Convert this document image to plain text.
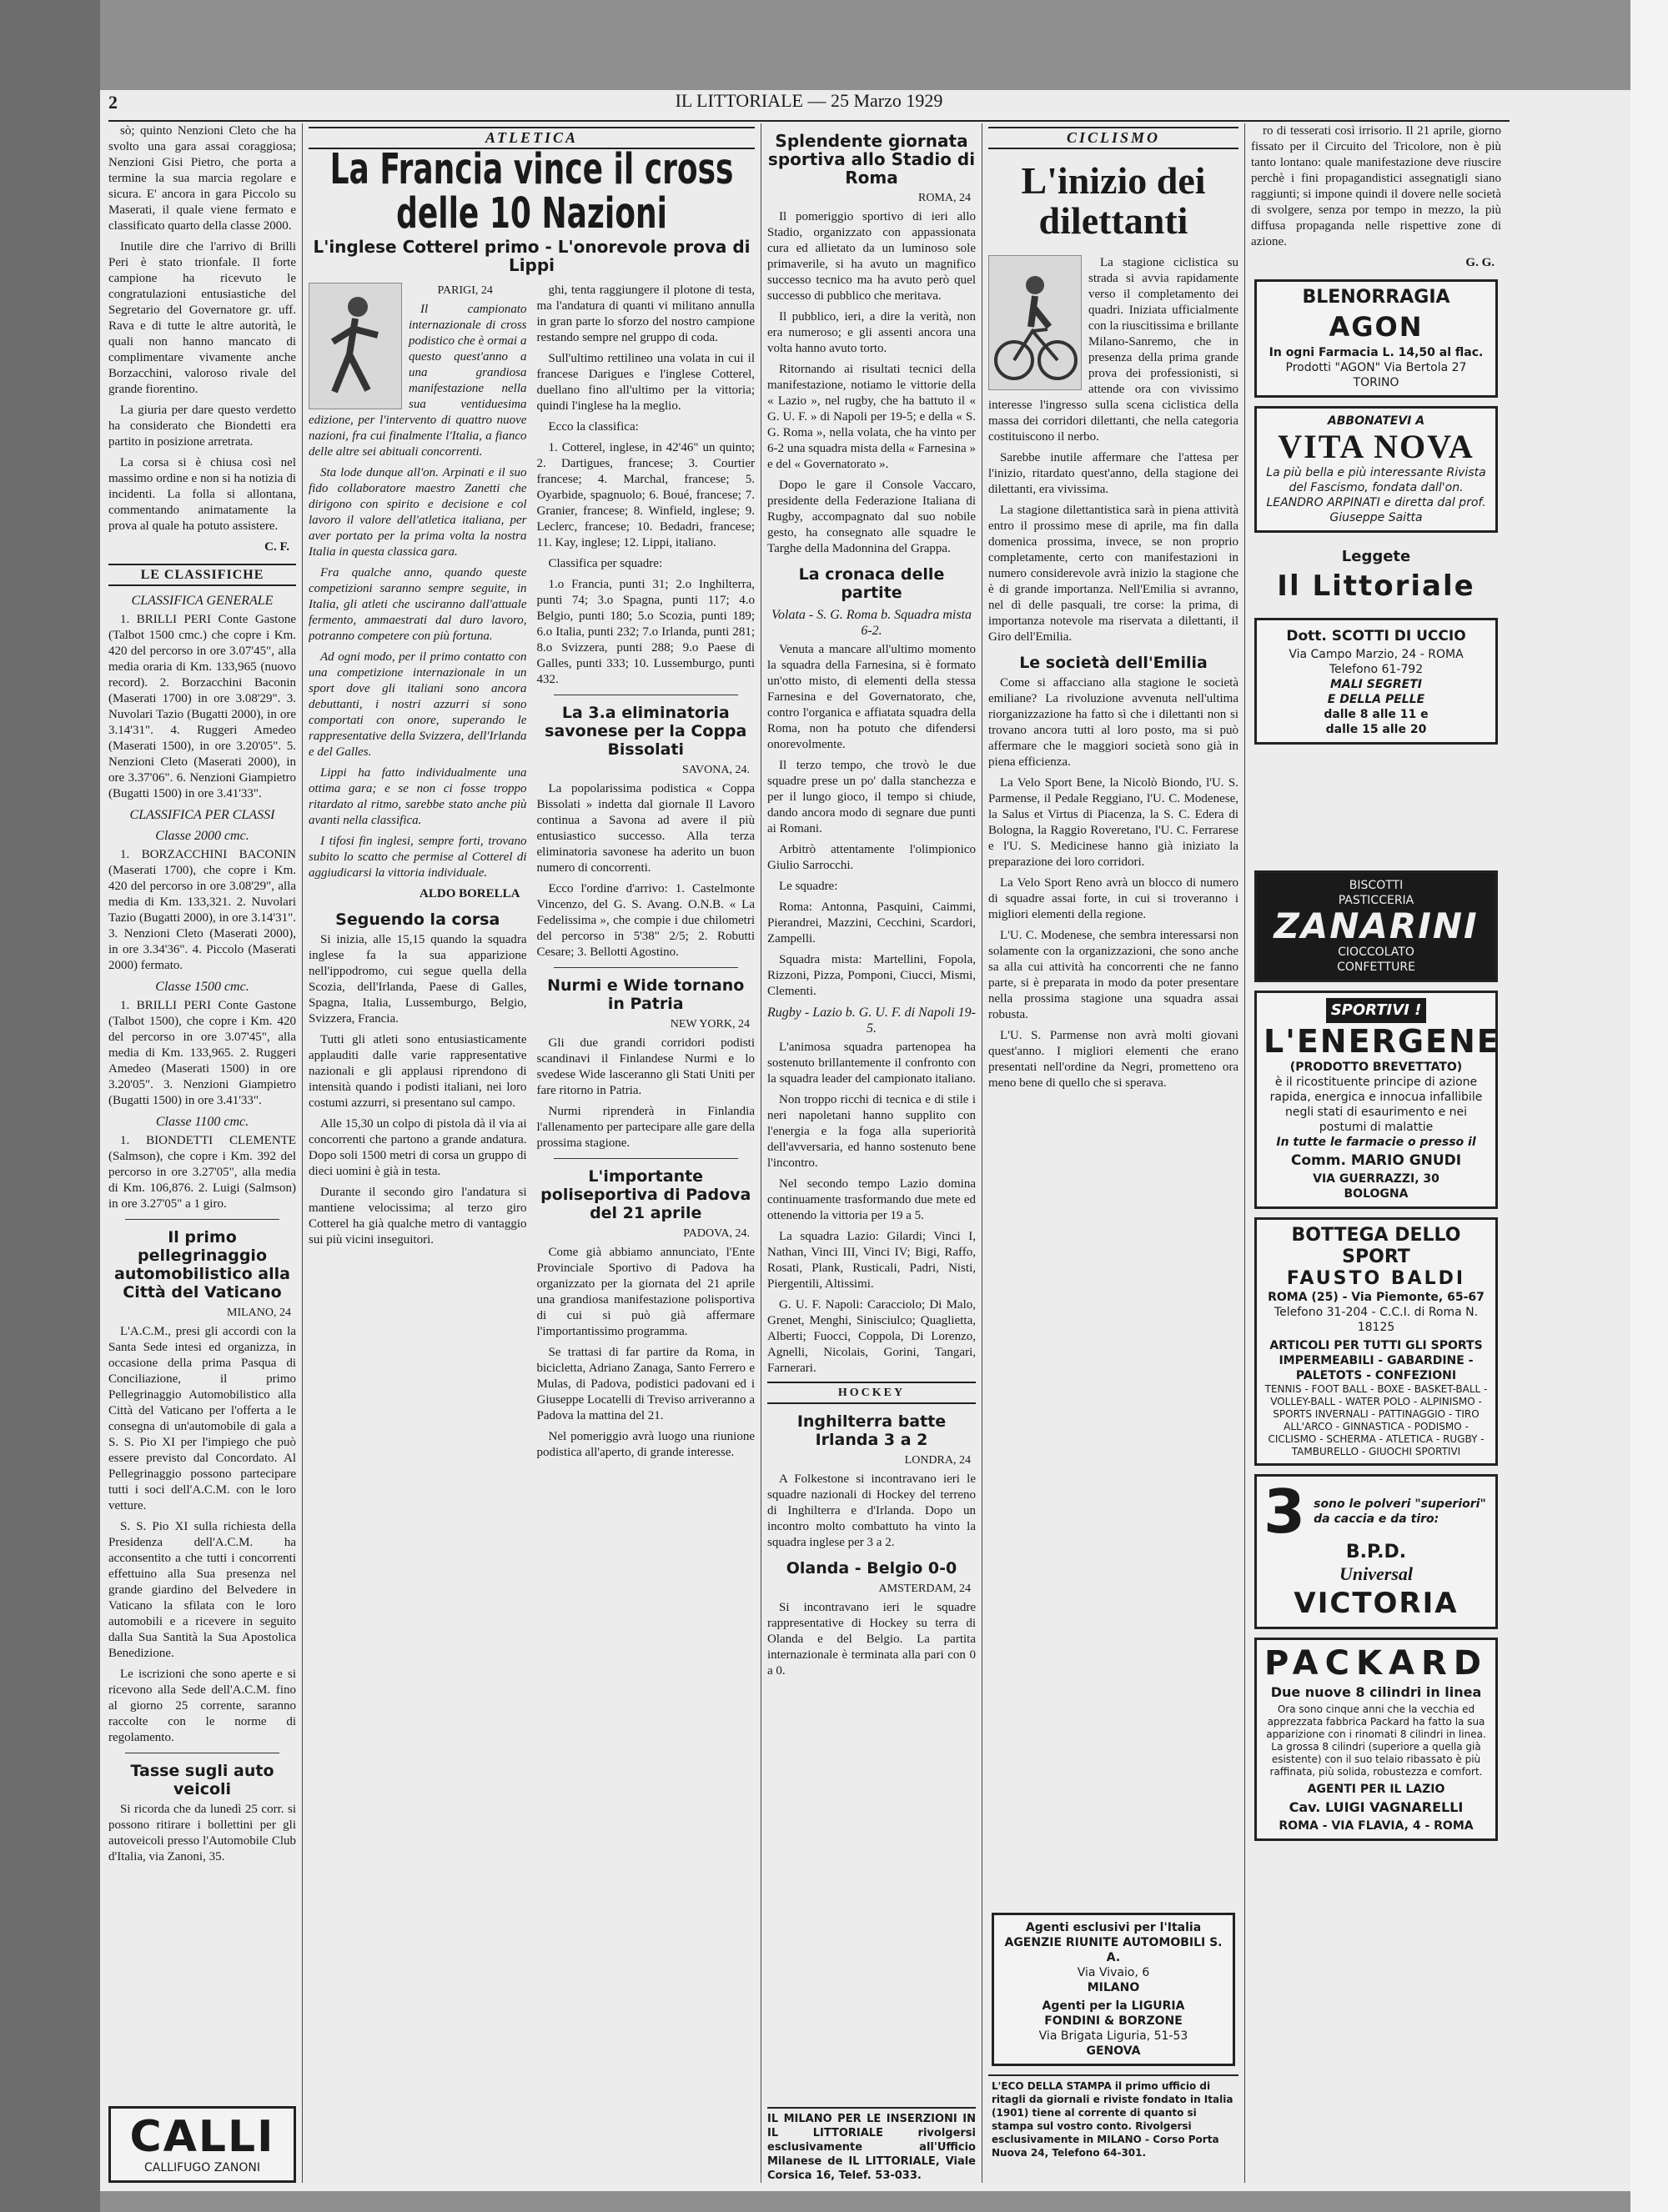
2	IL LITTORIALE — 25 Marzo 1929

sò; quinto Nenzioni Cleto che ha svolto una gara assai coraggiosa; Nenzioni Gisi Pietro, che porta a termine la sua marcia regolare e sicura. E' ancora in gara Piccolo su Maserati, il quale viene fermato e classificato quarto della classe 2000.

Inutile dire che l'arrivo di Brilli Peri è stato trionfale. Il forte campione ha ricevuto le congratulazioni entusiastiche del Segretario del Governatore gr. uff. Rava e di tutte le altre autorità, le quali non hanno mancato di complimentare vivamente anche Borzacchini, valoroso rivale del grande fiorentino.

La giuria per dare questo verdetto ha considerato che Biondetti era partito in posizione arretrata.

La corsa si è chiusa così nel massimo ordine e non si ha notizia di incidenti. La folla si allontana, commentando animatamente la prova al quale ha potuto assistere.

C. F.
LE CLASSIFICHE
CLASSIFICA GENERALE

1. BRILLI PERI Conte Gastone (Talbot 1500 cmc.) che copre i Km. 420 del percorso in ore 3.07'45", alla media oraria di Km. 133,965 (nuovo record). 2. Borzacchini Baconin (Maserati 1700) in ore 3.08'29". 3. Nuvolari Tazio (Bugatti 2000), in ore 3.14'31". 4. Ruggeri Amedeo (Maserati 1500), in ore 3.20'05". 5. Nenzioni Cleto (Maserati 2000), in ore 3.37'06". 6. Nenzioni Giampietro (Bugatti 1500) in ore 3.41'33".

CLASSIFICA PER CLASSI
Classe 2000 cmc.

1. BORZACCHINI BACONIN (Maserati 1700), che copre i Km. 420 del percorso in ore 3.08'29", alla media di Km. 133,321. 2. Nuvolari Tazio (Bugatti 2000), in ore 3.14'31". 3. Nenzioni Cleto (Maserati 2000), in ore 3.34'36". 4. Piccolo (Maserati 2000) fermato.

Classe 1500 cmc.

1. BRILLI PERI Conte Gastone (Talbot 1500), che copre i Km. 420 del percorso in ore 3.07'45", alla media di Km. 133,965. 2. Ruggeri Amedeo (Maserati 1500) in ore 3.20'05". 3. Nenzioni Giampietro (Bugatti 1500) in ore 3.41'33".

Classe 1100 cmc.

1. BIONDETTI CLEMENTE (Salmson), che copre i Km. 392 del percorso in ore 3.27'05", alla media di Km. 106,876. 2. Luigi (Salmson) in ore 3.27'05" a 1 giro.

Il primo pellegrinaggio automobilistico alla Città del Vaticano
MILANO, 24

L'A.C.M., presi gli accordi con la Santa Sede intesi ed organizza, in occasione della prima Pasqua di Conciliazione, il primo Pellegrinaggio Automobilistico alla Città del Vaticano per l'offerta a le consegna di un'automobile di gala a S. S. Pio XI per l'impiego che può essere previsto dal Concordato. Al Pellegrinaggio possono partecipare tutti i soci dell'A.C.M. con le loro vetture.

S. S. Pio XI sulla richiesta della Presidenza dell'A.C.M. ha acconsentito a che tutti i concorrenti effettuino alla Sua presenza nel grande giardino del Belvedere in Vaticano la sfilata con le loro automobili e a ricevere in seguito dalla Sua Santità la Sua Apostolica Benedizione.

Le iscrizioni che sono aperte e si ricevono alla Sede dell'A.C.M. fino al giorno 25 corrente, saranno raccolte con le norme di regolamento.

Tasse sugli auto veicoli

Si ricorda che da lunedì 25 corr. si possono ritirare i bollettini per gli autoveicoli presso l'Automobile Club d'Italia, via Zanoni, 35.

CALLI
CALLIFUGO ZANONI
ATLETICA
La Francia vince il cross delle 10 Nazioni
L'inglese Cotterel primo - L'onorevole prova di Lippi
PARIGI, 24

Il campionato internazionale di cross podistico che è ormai a questo quest'anno a una grandiosa manifestazione nella sua ventiduesima edizione, per l'intervento di quattro nuove nazioni, fra cui finalmente l'Italia, a fianco delle altre sei abituali concorrenti.

Sta lode dunque all'on. Arpinati e il suo fido collaboratore maestro Zanetti che dirigono con spirito e decisione e col lavoro il valore dell'atletica italiana, per aver portato per la prima volta la nostra Italia in questa classica gara.

Fra qualche anno, quando queste competizioni saranno sempre seguite, in Italia, gli atleti che usciranno dall'attuale fermento, ammaestrati dal duro lavoro, potranno competere con più fortuna.

Ad ogni modo, per il primo contatto con una competizione internazionale in un sport dove gli italiani sono ancora debuttanti, i nostri azzurri si sono comportati con onore, superando le rappresentative della Svizzera, dell'Irlanda e del Galles.

Lippi ha fatto individualmente una ottima gara; e se non ci fosse troppo ritardato al ritmo, sarebbe stato anche più avanti nella classifica.

I tifosi fin inglesi, sempre forti, trovano subito lo scatto che permise al Cotterel di aggiudicarsi la vittoria individuale.

ALDO BORELLA
Seguendo la corsa

Si inizia, alle 15,15 quando la squadra inglese fa la sua apparizione nell'ippodromo, cui segue quella della Scozia, dell'Irlanda, Paese di Galles, Spagna, Italia, Lussemburgo, Belgio, Svizzera, Francia.

Tutti gli atleti sono entusiasticamente applauditi dalle varie rappresentative nazionali e gli applausi riprendono di intensità quando i podisti italiani, nei loro costumi azzurri, si presentano sul campo.

Alle 15,30 un colpo di pistola dà il via ai concorrenti che partono a grande andatura. Dopo soli 1500 metri di corsa un gruppo di dieci uomini è già in testa.

Durante il secondo giro l'andatura si mantiene velocissima; al terzo giro Cotterel ha già qualche metro di vantaggio sui più vicini inseguitori.

ghi, tenta raggiungere il plotone di testa, ma l'andatura di quanti vi militano annulla in gran parte lo sforzo del nostro campione restando sempre nel gruppo di coda.

Sull'ultimo rettilineo una volata in cui il francese Darigues e l'inglese Cotterel, duellano fino all'ultimo per la vittoria; quindi l'inglese ha la meglio.

Ecco la classifica:

1. Cotterel, inglese, in 42'46" un quinto; 2. Dartigues, francese; 3. Courtier francese; 4. Marchal, francese; 5. Oyarbide, spagnuolo; 6. Boué, francese; 7. Granier, francese; 8. Winfield, inglese; 9. Leclerc, francese; 10. Bedadri, francese; 11. Kay, inglese; 12. Lippi, italiano.

Classifica per squadre:

1.o Francia, punti 31; 2.o Inghilterra, punti 74; 3.o Spagna, punti 117; 4.o Belgio, punti 180; 5.o Scozia, punti 189; 6.o Italia, punti 232; 7.o Irlanda, punti 281; 8.o Svizzera, punti 288; 9.o Paese di Galles, punti 333; 10. Lussemburgo, punti 432.

La 3.a eliminatoria savonese per la Coppa Bissolati
SAVONA, 24.

La popolarissima podistica « Coppa Bissolati » indetta dal giornale Il Lavoro continua a Savona ad avere il più entusiastico successo. Alla terza eliminatoria savonese ha aderito un buon numero di concorrenti.

Ecco l'ordine d'arrivo: 1. Castelmonte Vincenzo, del G. S. Avang. O.N.B. « La Fedelissima », che compie i due chilometri del percorso in 5'38" 2/5; 2. Robutti Cesare; 3. Bellotti Agostino.

Nurmi e Wide tornano in Patria
NEW YORK, 24

Gli due grandi corridori podisti scandinavi il Finlandese Nurmi e lo svedese Wide lasceranno gli Stati Uniti per fare ritorno in Patria.

Nurmi riprenderà in Finlandia l'allenamento per partecipare alle gare della prossima stagione.

L'importante poliseportiva di Padova del 21 aprile
PADOVA, 24.

Come già abbiamo annunciato, l'Ente Provinciale Sportivo di Padova ha organizzato per la giornata del 21 aprile una grandiosa manifestazione polisportiva di cui si può già affermare l'importantissimo programma.

Se trattasi di far partire da Roma, in bicicletta, Adriano Zanaga, Santo Ferrero e Mulas, di Padova, podistici padovani ed i Giuseppe Locatelli di Treviso arriveranno a Padova la mattina del 21.

Nel pomeriggio avrà luogo una riunione podistica all'aperto, di grande interesse.

Splendente giornata sportiva allo Stadio di Roma
ROMA, 24

Il pomeriggio sportivo di ieri allo Stadio, organizzato con appassionata cura ed allietato da un luminoso sole primaverile, si ha avuto un magnifico successo tecnico ma ha avuto però quel successo di pubblico che meritava.

Il pubblico, ieri, a dire la verità, non era numeroso; e gli assenti ancora una volta hanno avuto torto.

Ritornando ai risultati tecnici della manifestazione, notiamo le vittorie della « Lazio », nel rugby, che ha battuto il « G. U. F. » di Napoli per 19-5; e della « S. G. Roma », nella volata, che ha vinto per 6-2 una squadra mista della « Farnesina » e del « Governatorato ».

Dopo le gare il Console Vaccaro, presidente della Federazione Italiana di Rugby, accompagnato dal suo nobile gesto, ha consegnato alle squadre le Targhe della Madonnina del Grappa.

La cronaca delle partite
Volata - S. G. Roma b. Squadra mista 6-2.

Venuta a mancare all'ultimo momento la squadra della Farnesina, si è formato un'otto misto, di elementi della stessa Farnesina e del Governatorato, che, contro l'organica e affiatata squadra della Roma, non ha potuto che difendersi onorevolmente.

Il terzo tempo, che trovò le due squadre prese un po' dalla stanchezza e per il lungo gioco, il tempo si chiude, dando ancora modo di segnare due punti ai Romani.

Arbitrò attentamente l'olimpionico Giulio Sarrocchi.

Le squadre:

Roma: Antonna, Pasquini, Caimmi, Pierandrei, Mazzini, Cecchini, Scardori, Zampelli.

Squadra mista: Martellini, Fopola, Rizzoni, Pizza, Pomponi, Ciucci, Mismi, Clementi.

Rugby - Lazio b. G. U. F. di Napoli 19-5.

L'animosa squadra partenopea ha sostenuto brillantemente il confronto con la squadra leader del campionato italiano.

Non troppo ricchi di tecnica e di stile i neri napoletani hanno supplito con l'energia e la foga alla superiorità dell'avversaria, ed hanno sostenuto bene l'incontro.

Nel secondo tempo Lazio domina continuamente trasformando due mete ed ottenendo la vittoria per 19 a 5.

La squadra Lazio: Gilardi; Vinci I, Nathan, Vinci III, Vinci IV; Bigi, Raffo, Rosati, Plank, Rusticali, Padri, Nisti, Piergentili, Altissimi.

G. U. F. Napoli: Caracciolo; Di Malo, Grenet, Menghi, Sinisciulco; Quaglietta, Alberti; Fuocci, Coppola, Di Lorenzo, Agnelli, Nicolais, Gorini, Tangari, Farnerari.

HOCKEY
Inghilterra batte Irlanda 3 a 2
LONDRA, 24

A Folkestone si incontravano ieri le squadre nazionali di Hockey del terreno di Inghilterra e d'Irlanda. Dopo un incontro molto combattuto ha vinto la squadra inglese per 3 a 2.

Olanda - Belgio 0-0
AMSTERDAM, 24

Si incontravano ieri le squadre rappresentative di Hockey su terra di Olanda e del Belgio. La partita internazionale è terminata alla pari con 0 a 0.

IL MILANO PER LE INSERZIONI IN IL LITTORIALE rivolgersi esclusivamente all'Ufficio Milanese de IL LITTORIALE, Viale Corsica 16, Telef. 53-033.
CICLISMO
L'inizio dei dilettanti

La stagione ciclistica su strada si avvia rapidamente verso il completamento dei quadri. Iniziata ufficialmente con la riuscitissima e brillante Milano-Sanremo, che in presenza della prima grande prova dei professionisti, si attende ora con vivissimo interesse l'ingresso sulla scena ciclistica della massa dei corridori dilettanti, che nella categoria costituiscono il nerbo.

Sarebbe inutile affermare che l'attesa per l'inizio, ritardato quest'anno, della stagione dei dilettanti, era vivissima.

La stagione dilettantistica sarà in piena attività entro il prossimo mese di aprile, ma fin dalla domenica prossima, invece, se non proprio completamente, certo con manifestazioni in numero considerevole avrà inizio la stagione che è di grande importanza. Nell'Emilia si avranno, nel dì delle pasquali, tre corse: la prima, di importanza notevole ma riservata a dilettanti, il Giro dell'Emilia.

Le società dell'Emilia

Come si affacciano alla stagione le società emiliane? La rivoluzione avvenuta nell'ultima riorganizzazione ha fatto sì che i dilettanti non si trovano ancora tutti al loro posto, ma si può affermare che le maggiori società sono già in piena efficienza.

La Velo Sport Bene, la Nicolò Biondo, l'U. S. Parmense, il Pedale Reggiano, l'U. C. Modenese, la Salus et Virtus di Piacenza, la S. C. Edera di Bologna, la Raggio Roveretano, l'U. C. Ferrarese e l'U. S. Medicinese hanno già iniziato la preparazione dei loro corridori.

La Velo Sport Reno avrà un blocco di numero di squadre assai forte, in cui si troveranno i migliori elementi della regione.

L'U. C. Modenese, che sembra interessarsi non solamente con la organizzazioni, che sono anche sa alla cui attività ha concorrenti che ne fanno parte, si è preparata in modo da poter presentare nella prossima stagione una squadra assai robusta.

L'U. S. Parmense non avrà molti giovani quest'anno. I migliori elementi che erano presentati nell'ordine da Negri, prometteno ora meno bene di quello che si sperava.

ro di tesserati così irrisorio. Il 21 aprile, giorno fissato per il Circuito del Tricolore, non è più tanto lontano: quale manifestazione deve riuscire perchè i fini propagandistici assegnatigli siano raggiunti; si impone quindi il dovere nelle società di svolgere, senza por tempo in mezzo, la più diffusa propaganda nelle rispettive zone di azione.

G. G.
BLENORRAGIA
AGON
In ogni Farmacia L. 14,50 al flac.
Prodotti "AGON" Via Bertola 27 TORINO
ABBONATEVI A
VITA NOVA
La più bella e più interessante Rivista del Fascismo, fondata dall'on. LEANDRO ARPINATI e diretta dal prof. Giuseppe Saitta
Leggete
Il Littoriale
Dott. SCOTTI DI UCCIO
Via Campo Marzio, 24 - ROMA
Telefono 61-792
MALI SEGRETI
E DELLA PELLE
dalle 8 alle 11 e
dalle 15 alle 20
BISCOTTI
PASTICCERIA
ZANARINI
CIOCCOLATO
CONFETTURE
SPORTIVI !
L'ENERGENE
(PRODOTTO BREVETTATO)
è il ricostituente principe di azione rapida, energica e innocua infallibile negli stati di esaurimento e nei postumi di malattie
In tutte le farmacie o presso il
Comm. MARIO GNUDI
VIA GUERRAZZI, 30
BOLOGNA
BOTTEGA DELLO SPORT
FAUSTO BALDI
ROMA (25) - Via Piemonte, 65-67
Telefono 31-204 - C.C.I. di Roma N. 18125
ARTICOLI PER TUTTI GLI SPORTS
IMPERMEABILI - GABARDINE - PALETOTS - CONFEZIONI
TENNIS - FOOT BALL - BOXE - BASKET-BALL - VOLLEY-BALL - WATER POLO - ALPINISMO - SPORTS INVERNALI - PATTINAGGIO - TIRO ALL'ARCO - GINNASTICA - PODISMO - CICLISMO - SCHERMA - ATLETICA - RUGBY - TAMBURELLO - GIUOCHI SPORTIVI
3 sono le polveri "superiori" da caccia e da tiro:
B.P.D.
Universal
VICTORIA
PACKARD
Due nuove 8 cilindri in linea
Ora sono cinque anni che la vecchia ed apprezzata fabbrica Packard ha fatto la sua apparizione con i rinomati 8 cilindri in linea.
La grossa 8 cilindri (superiore a quella già esistente) con il suo telaio ribassato è più raffinata, più solida, robustezza e comfort.
AGENTI PER IL LAZIO
Cav. LUIGI VAGNARELLI
ROMA - VIA FLAVIA, 4 - ROMA
Agenti esclusivi per l'Italia
AGENZIE RIUNITE AUTOMOBILI S. A.
Via Vivaio, 6
MILANO
Agenti per la LIGURIA
FONDINI & BORZONE
Via Brigata Liguria, 51-53
GENOVA
L'ECO DELLA STAMPA il primo ufficio di ritagli da giornali e riviste fondato in Italia (1901) tiene al corrente di quanto si stampa sul vostro conto. Rivolgersi esclusivamente in MILANO - Corso Porta Nuova 24, Telefono 64-301.
